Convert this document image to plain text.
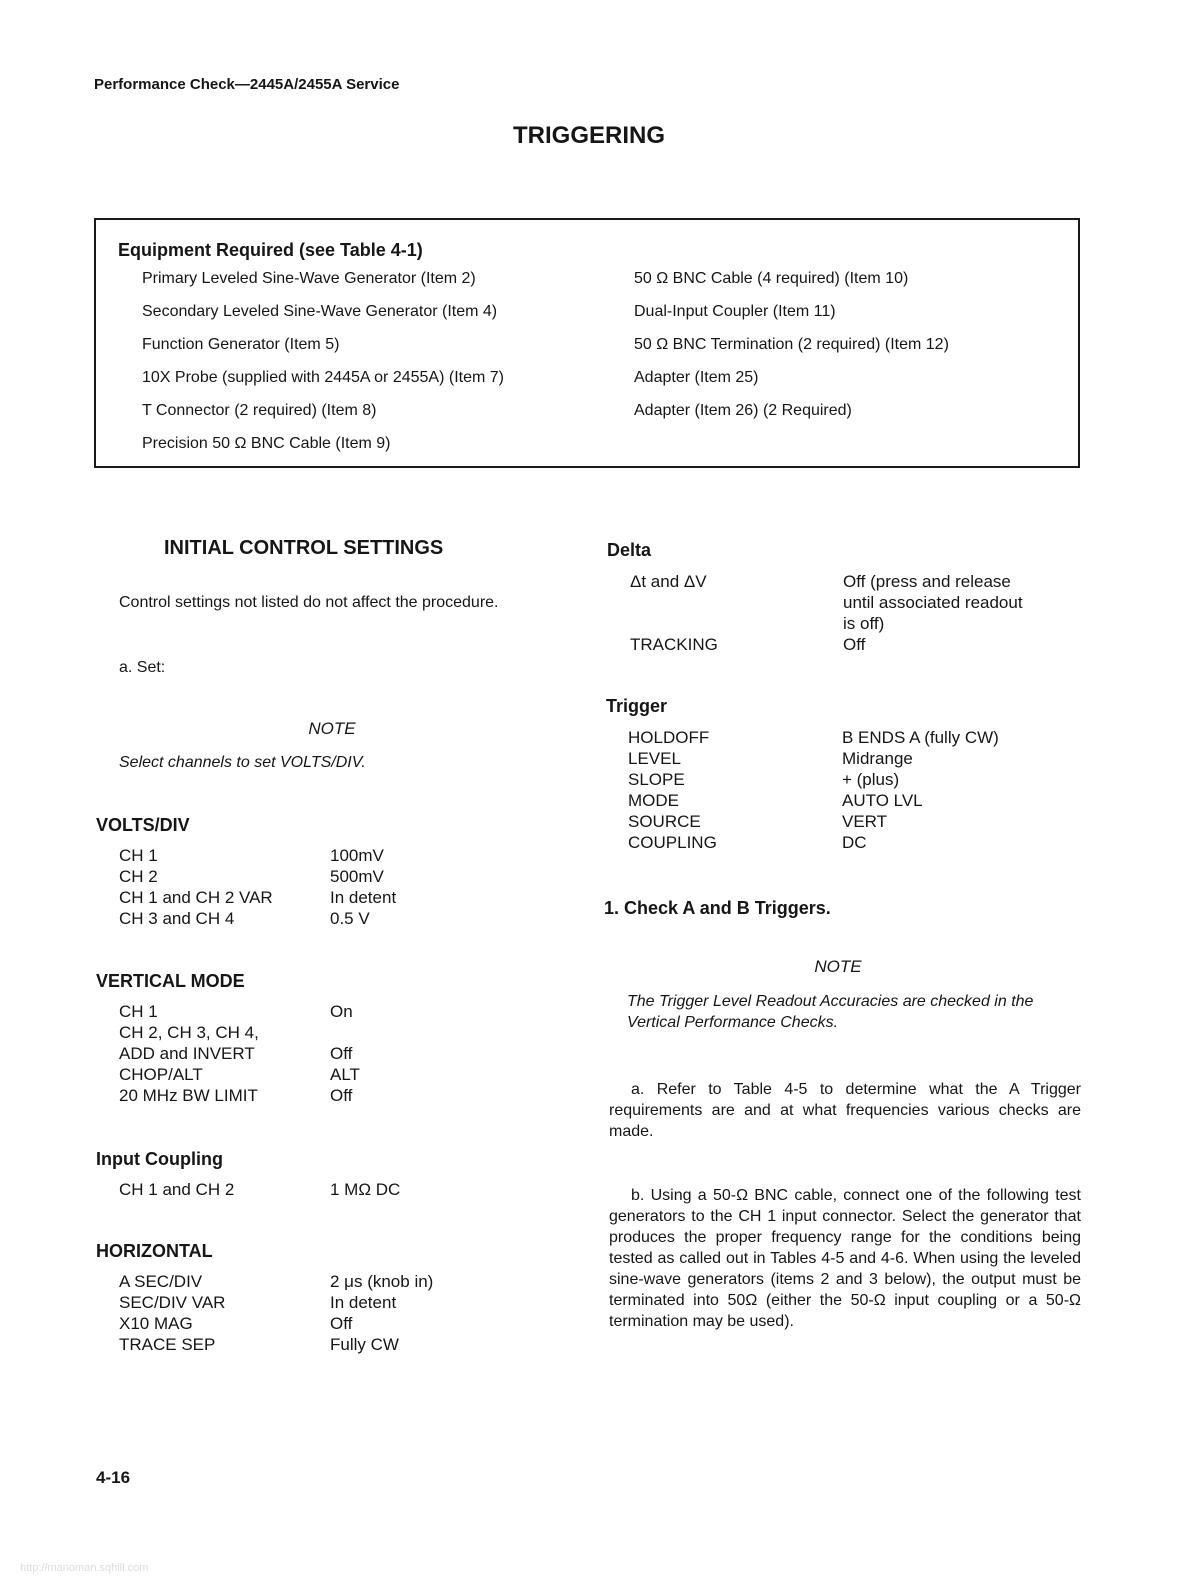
Performance Check—2445A/2455A Service
TRIGGERING
Equipment Required (see Table 4-1)
Primary Leveled Sine-Wave Generator (Item 2)
Secondary Leveled Sine-Wave Generator (Item 4)
Function Generator (Item 5)
10X Probe (supplied with 2445A or 2455A) (Item 7)
T Connector (2 required) (Item 8)
Precision 50 Ω BNC Cable (Item 9)
50 Ω BNC Cable (4 required) (Item 10)
Dual-Input Coupler (Item 11)
50 Ω BNC Termination (2 required) (Item 12)
Adapter (Item 25)
Adapter (Item 26) (2 Required)
INITIAL CONTROL SETTINGS
Control settings not listed do not affect the procedure.
a. Set:
NOTE
Select channels to set VOLTS/DIV.
VOLTS/DIV
CH 1	100mV
CH 2	500mV
CH 1 and CH 2 VAR	In detent
CH 3 and CH 4	0.5 V
VERTICAL MODE
CH 1	On
CH 2, CH 3, CH 4,
ADD and INVERT	Off
CHOP/ALT	ALT
20 MHz BW LIMIT	Off
Input Coupling
CH 1 and CH 2	1 MΩ DC
HORIZONTAL
A SEC/DIV	2 μs (knob in)
SEC/DIV VAR	In detent
X10 MAG	Off
TRACE SEP	Fully CW
Delta
Δt and ΔV	Off (press and release
until associated readout
is off)
TRACKING	Off
Trigger
HOLDOFF	B ENDS A (fully CW)
LEVEL	Midrange
SLOPE	+ (plus)
MODE	AUTO LVL
SOURCE	VERT
COUPLING	DC
1. Check A and B Triggers.
NOTE
The Trigger Level Readout Accuracies are checked in the Vertical Performance Checks.
a. Refer to Table 4-5 to determine what the A Trigger requirements are and at what frequencies various checks are made.
b. Using a 50-Ω BNC cable, connect one of the following test generators to the CH 1 input connector. Select the generator that produces the proper frequency range for the conditions being tested as called out in Tables 4-5 and 4-6. When using the leveled sine-wave generators (items 2 and 3 below), the output must be terminated into 50Ω (either the 50-Ω input coupling or a 50-Ω termination may be used).
4-16
http://manoman.sqhill.com
